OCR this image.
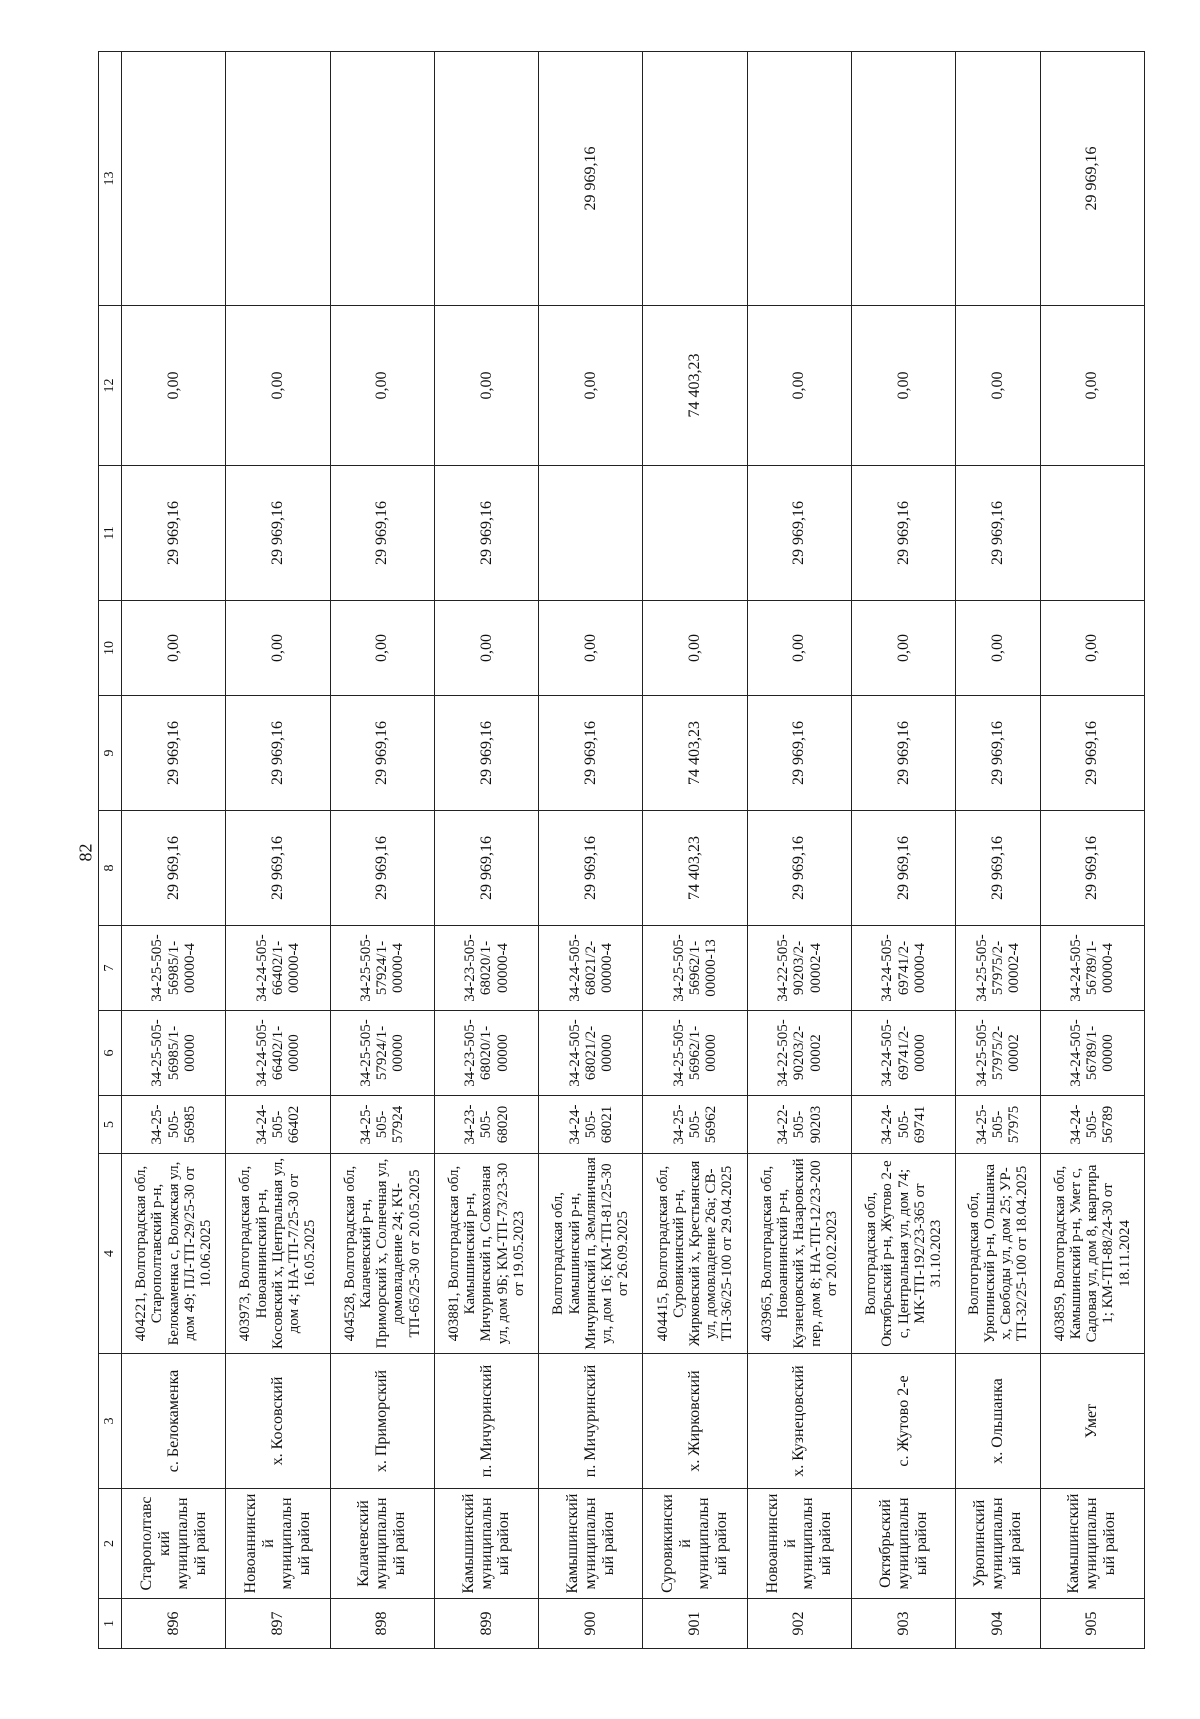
82
1	2	3	4	5	6	7	8	9	10	11	12	13
896	Старополтавский муниципальный район	с. Белокаменка	404221, Волгоградская обл, Старополтавский р-н, Белокаменка с, Волжская ул, дом 49; ПЛ-ТП-29/25-30 от 10.06.2025	34-25-505-56985	34-25-505-56985/1-00000	34-25-505-56985/1-00000-4	29 969,16	29 969,16	0,00	29 969,16	0,00	
897	Новоаннинский муниципальный район	х. Косовский	403973, Волгоградская обл, Новоаннинский р-н, Косовский х, Центральная ул, дом 4; НА-ТП-7/25-30 от 16.05.2025	34-24-505-66402	34-24-505-66402/1-00000	34-24-505-66402/1-00000-4	29 969,16	29 969,16	0,00	29 969,16	0,00	
898	Калачевский муниципальный район	х. Приморский	404528, Волгоградская обл, Калачевский р-н, Приморский х, Солнечная ул, домовладение 24; КЧ-ТП-65/25-30 от 20.05.2025	34-25-505-57924	34-25-505-57924/1-00000	34-25-505-57924/1-00000-4	29 969,16	29 969,16	0,00	29 969,16	0,00	
899	Камышинский муниципальный район	п. Мичуринский	403881, Волгоградская обл, Камышинский р-н, Мичуринский п, Совхозная ул, дом 9Б; КМ-ТП-73/23-30 от 19.05.2023	34-23-505-68020	34-23-505-68020/1-00000	34-23-505-68020/1-00000-4	29 969,16	29 969,16	0,00	29 969,16	0,00	
900	Камышинский муниципальный район	п. Мичуринский	Волгоградская обл, Камышинский р-н, Мичуринский п, Земляничная ул, дом 16; КМ-ТП-81/25-30 от 26.09.2025	34-24-505-68021	34-24-505-68021/2-00000	34-24-505-68021/2-00000-4	29 969,16	29 969,16	0,00		0,00	29 969,16
901	Суровикинский муниципальный район	х. Жирковский	404415, Волгоградская обл, Суровикинский р-н, Жирковский х, Крестьянская ул, домовладение 26а; СВ-ТП-36/25-100 от 29.04.2025	34-25-505-56962	34-25-505-56962/1-00000	34-25-505-56962/1-00000-13	74 403,23	74 403,23	0,00		74 403,23	
902	Новоаннинский муниципальный район	х. Кузнецовский	403965, Волгоградская обл, Новоаннинский р-н, Кузнецовский х, Назаровский пер, дом 8; НА-ТП-12/23-200 от 20.02.2023	34-22-505-90203	34-22-505-90203/2-00002	34-22-505-90203/2-00002-4	29 969,16	29 969,16	0,00	29 969,16	0,00	
903	Октябрьский муниципальный район	с. Жутово 2-е	Волгоградская обл, Октябрьский р-н, Жутово 2-е с, Центральная ул, дом 74; МК-ТП-192/23-365 от 31.10.2023	34-24-505-69741	34-24-505-69741/2-00000	34-24-505-69741/2-00000-4	29 969,16	29 969,16	0,00	29 969,16	0,00	
904	Урюпинский муниципальный район	х. Ольшанка	Волгоградская обл, Урюпинский р-н, Ольшанка х, Свободы ул, дом 25; УР-ТП-32/25-100 от 18.04.2025	34-25-505-57975	34-25-505-57975/2-00002	34-25-505-57975/2-00002-4	29 969,16	29 969,16	0,00	29 969,16	0,00	
905	Камышинский муниципальный район	Умет	403859, Волгоградская обл, Камышинский р-н, Умет с, Садовая ул, дом 8, квартира 1; КМ-ТП-88/24-30 от 18.11.2024	34-24-505-56789	34-24-505-56789/1-00000	34-24-505-56789/1-00000-4	29 969,16	29 969,16	0,00		0,00	29 969,16
